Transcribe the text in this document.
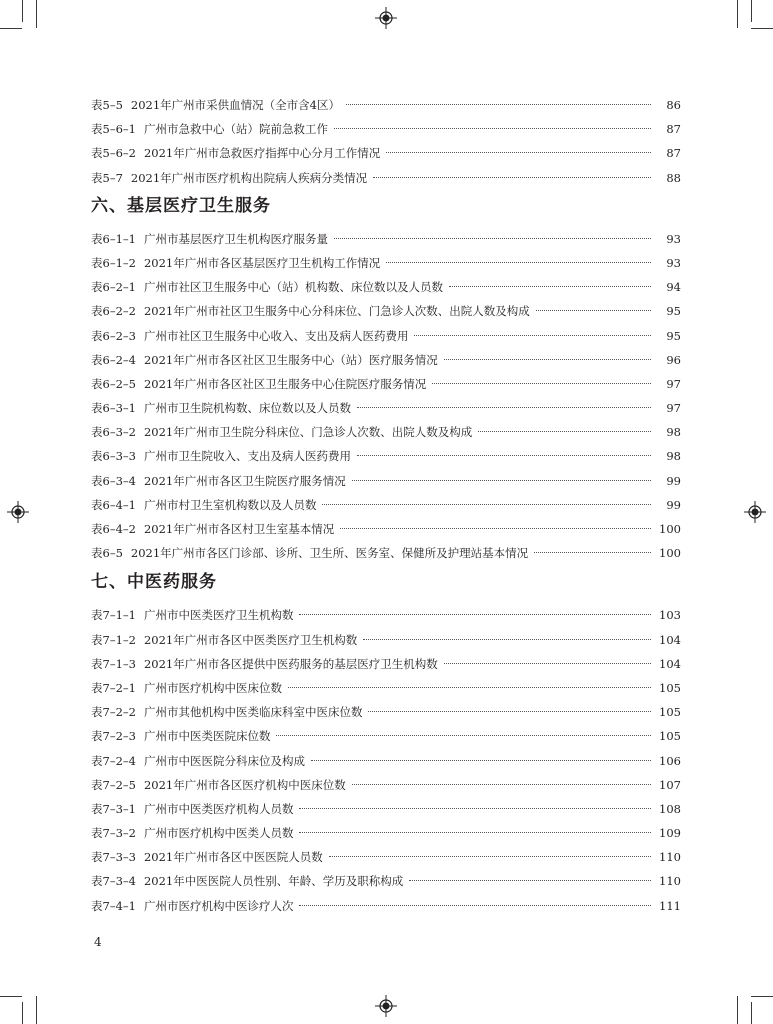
表5–5 2021年广州市采供血情况（全市含4区）	86
表5–6–1 广州市急救中心（站）院前急救工作	87
表5–6–2 2021年广州市急救医疗指挥中心分月工作情况	87
表5–7 2021年广州市医疗机构出院病人疾病分类情况	88
六、基层医疗卫生服务
表6–1–1 广州市基层医疗卫生机构医疗服务量	93
表6–1–2 2021年广州市各区基层医疗卫生机构工作情况	93
表6–2–1 广州市社区卫生服务中心（站）机构数、床位数以及人员数	94
表6–2–2 2021年广州市社区卫生服务中心分科床位、门急诊人次数、出院人数及构成	95
表6–2–3 广州市社区卫生服务中心收入、支出及病人医药费用	95
表6–2–4 2021年广州市各区社区卫生服务中心（站）医疗服务情况	96
表6–2–5 2021年广州市各区社区卫生服务中心住院医疗服务情况	97
表6–3–1 广州市卫生院机构数、床位数以及人员数	97
表6–3–2 2021年广州市卫生院分科床位、门急诊人次数、出院人数及构成	98
表6–3–3 广州市卫生院收入、支出及病人医药费用	98
表6–3–4 2021年广州市各区卫生院医疗服务情况	99
表6–4–1 广州市村卫生室机构数以及人员数	99
表6–4–2 2021年广州市各区村卫生室基本情况	100
表6–5 2021年广州市各区门诊部、诊所、卫生所、医务室、保健所及护理站基本情况	100
七、中医药服务
表7–1–1 广州市中医类医疗卫生机构数	103
表7–1–2 2021年广州市各区中医类医疗卫生机构数	104
表7–1–3 2021年广州市各区提供中医药服务的基层医疗卫生机构数	104
表7–2–1 广州市医疗机构中医床位数	105
表7–2–2 广州市其他机构中医类临床科室中医床位数	105
表7–2–3 广州市中医类医院床位数	105
表7–2–4 广州市中医医院分科床位及构成	106
表7–2–5 2021年广州市各区医疗机构中医床位数	107
表7–3–1 广州市中医类医疗机构人员数	108
表7–3–2 广州市医疗机构中医类人员数	109
表7–3–3 2021年广州市各区中医医院人员数	110
表7–3–4 2021年中医医院人员性别、年龄、学历及职称构成	110
表7–4–1 广州市医疗机构中医诊疗人次	111
4
